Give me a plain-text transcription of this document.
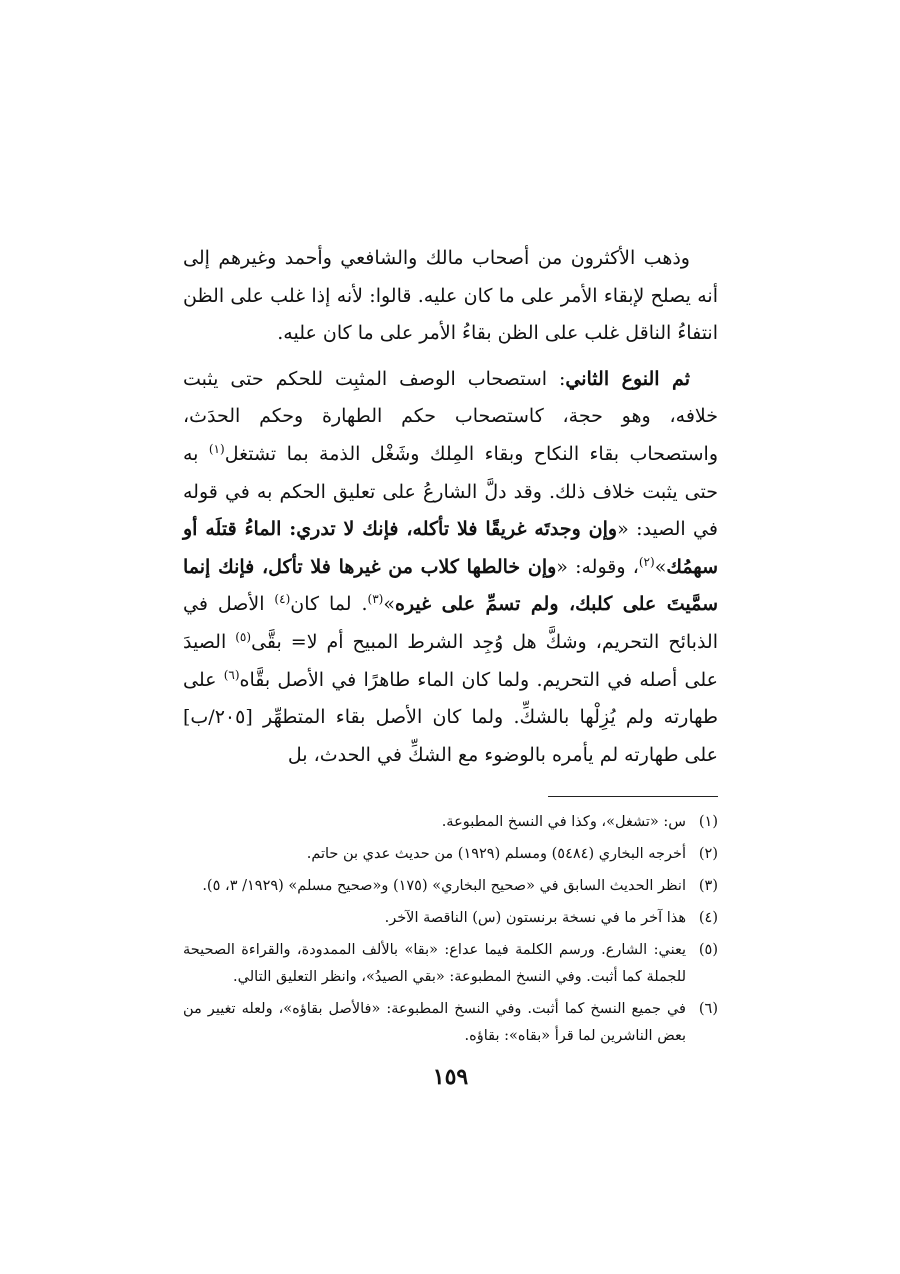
وذهب الأكثرون من أصحاب مالك والشافعي وأحمد وغيرهم إلى أنه يصلح لإبقاء الأمر على ما كان عليه. قالوا: لأنه إذا غلب على الظن انتفاءُ الناقل غلب على الظن بقاءُ الأمر على ما كان عليه.

ثم النوع الثاني: استصحاب الوصف المثبِت للحكم حتى يثبت خلافه، وهو حجة، كاستصحاب حكم الطهارة وحكم الحدَث، واستصحاب بقاء النكاح وبقاء المِلك وشَغْل الذمة بما تشتغل$^{(١)}$ به حتى يثبت خلاف ذلك. وقد دلَّ الشارعُ على تعليق الحكم به في قوله في الصيد: «وإن وجدتَه غريقًا فلا تأكله، فإنك لا تدري: الماءُ قتلَه أو سهمُك»$^{(٢)}$، وقوله: «وإن خالطها كلاب من غيرها فلا تأكل، فإنك إنما سمَّيتَ على كلبك، ولم تسمِّ على غيره»$^{(٣)}$. لما كان$^{(٤)}$ الأصل في الذبائح التحريم، وشكَّ هل وُجِد الشرط المبيح أم لا= بقَّى$^{(٥)}$ الصيدَ على أصله في التحريم. ولما كان الماء طاهرًا في الأصل بقَّاه$^{(٦)}$ على طهارته ولم يُزِلْها بالشكِّ. ولما كان الأصل بقاء المتطهِّر [٢٠٥/ب] على طهارته لم يأمره بالوضوء مع الشكِّ في الحدث، بل

(١)
س: «تشغل»، وكذا في النسخ المطبوعة.
(٢)
أخرجه البخاري (٥٤٨٤) ومسلم (١٩٢٩) من حديث عدي بن حاتم.
(٣)
انظر الحديث السابق في «صحيح البخاري» (١٧٥) و«صحيح مسلم» (١٩٢٩/ ٣، ٥).
(٤)
هذا آخر ما في نسخة برنستون (س) الناقصة الآخر.
(٥)
يعني: الشارع. ورسم الكلمة فيما عداع: «بقا» بالألف الممدودة، والقراءة الصحيحة للجملة كما أثبت. وفي النسخ المطبوعة: «بقي الصيدُ»، وانظر التعليق التالي.
(٦)
في جميع النسخ كما أثبت. وفي النسخ المطبوعة: «فالأصل بقاؤه»، ولعله تغيير من بعض الناشرين لما قرأ «بقاه»: بقاؤه.
١٥٩
